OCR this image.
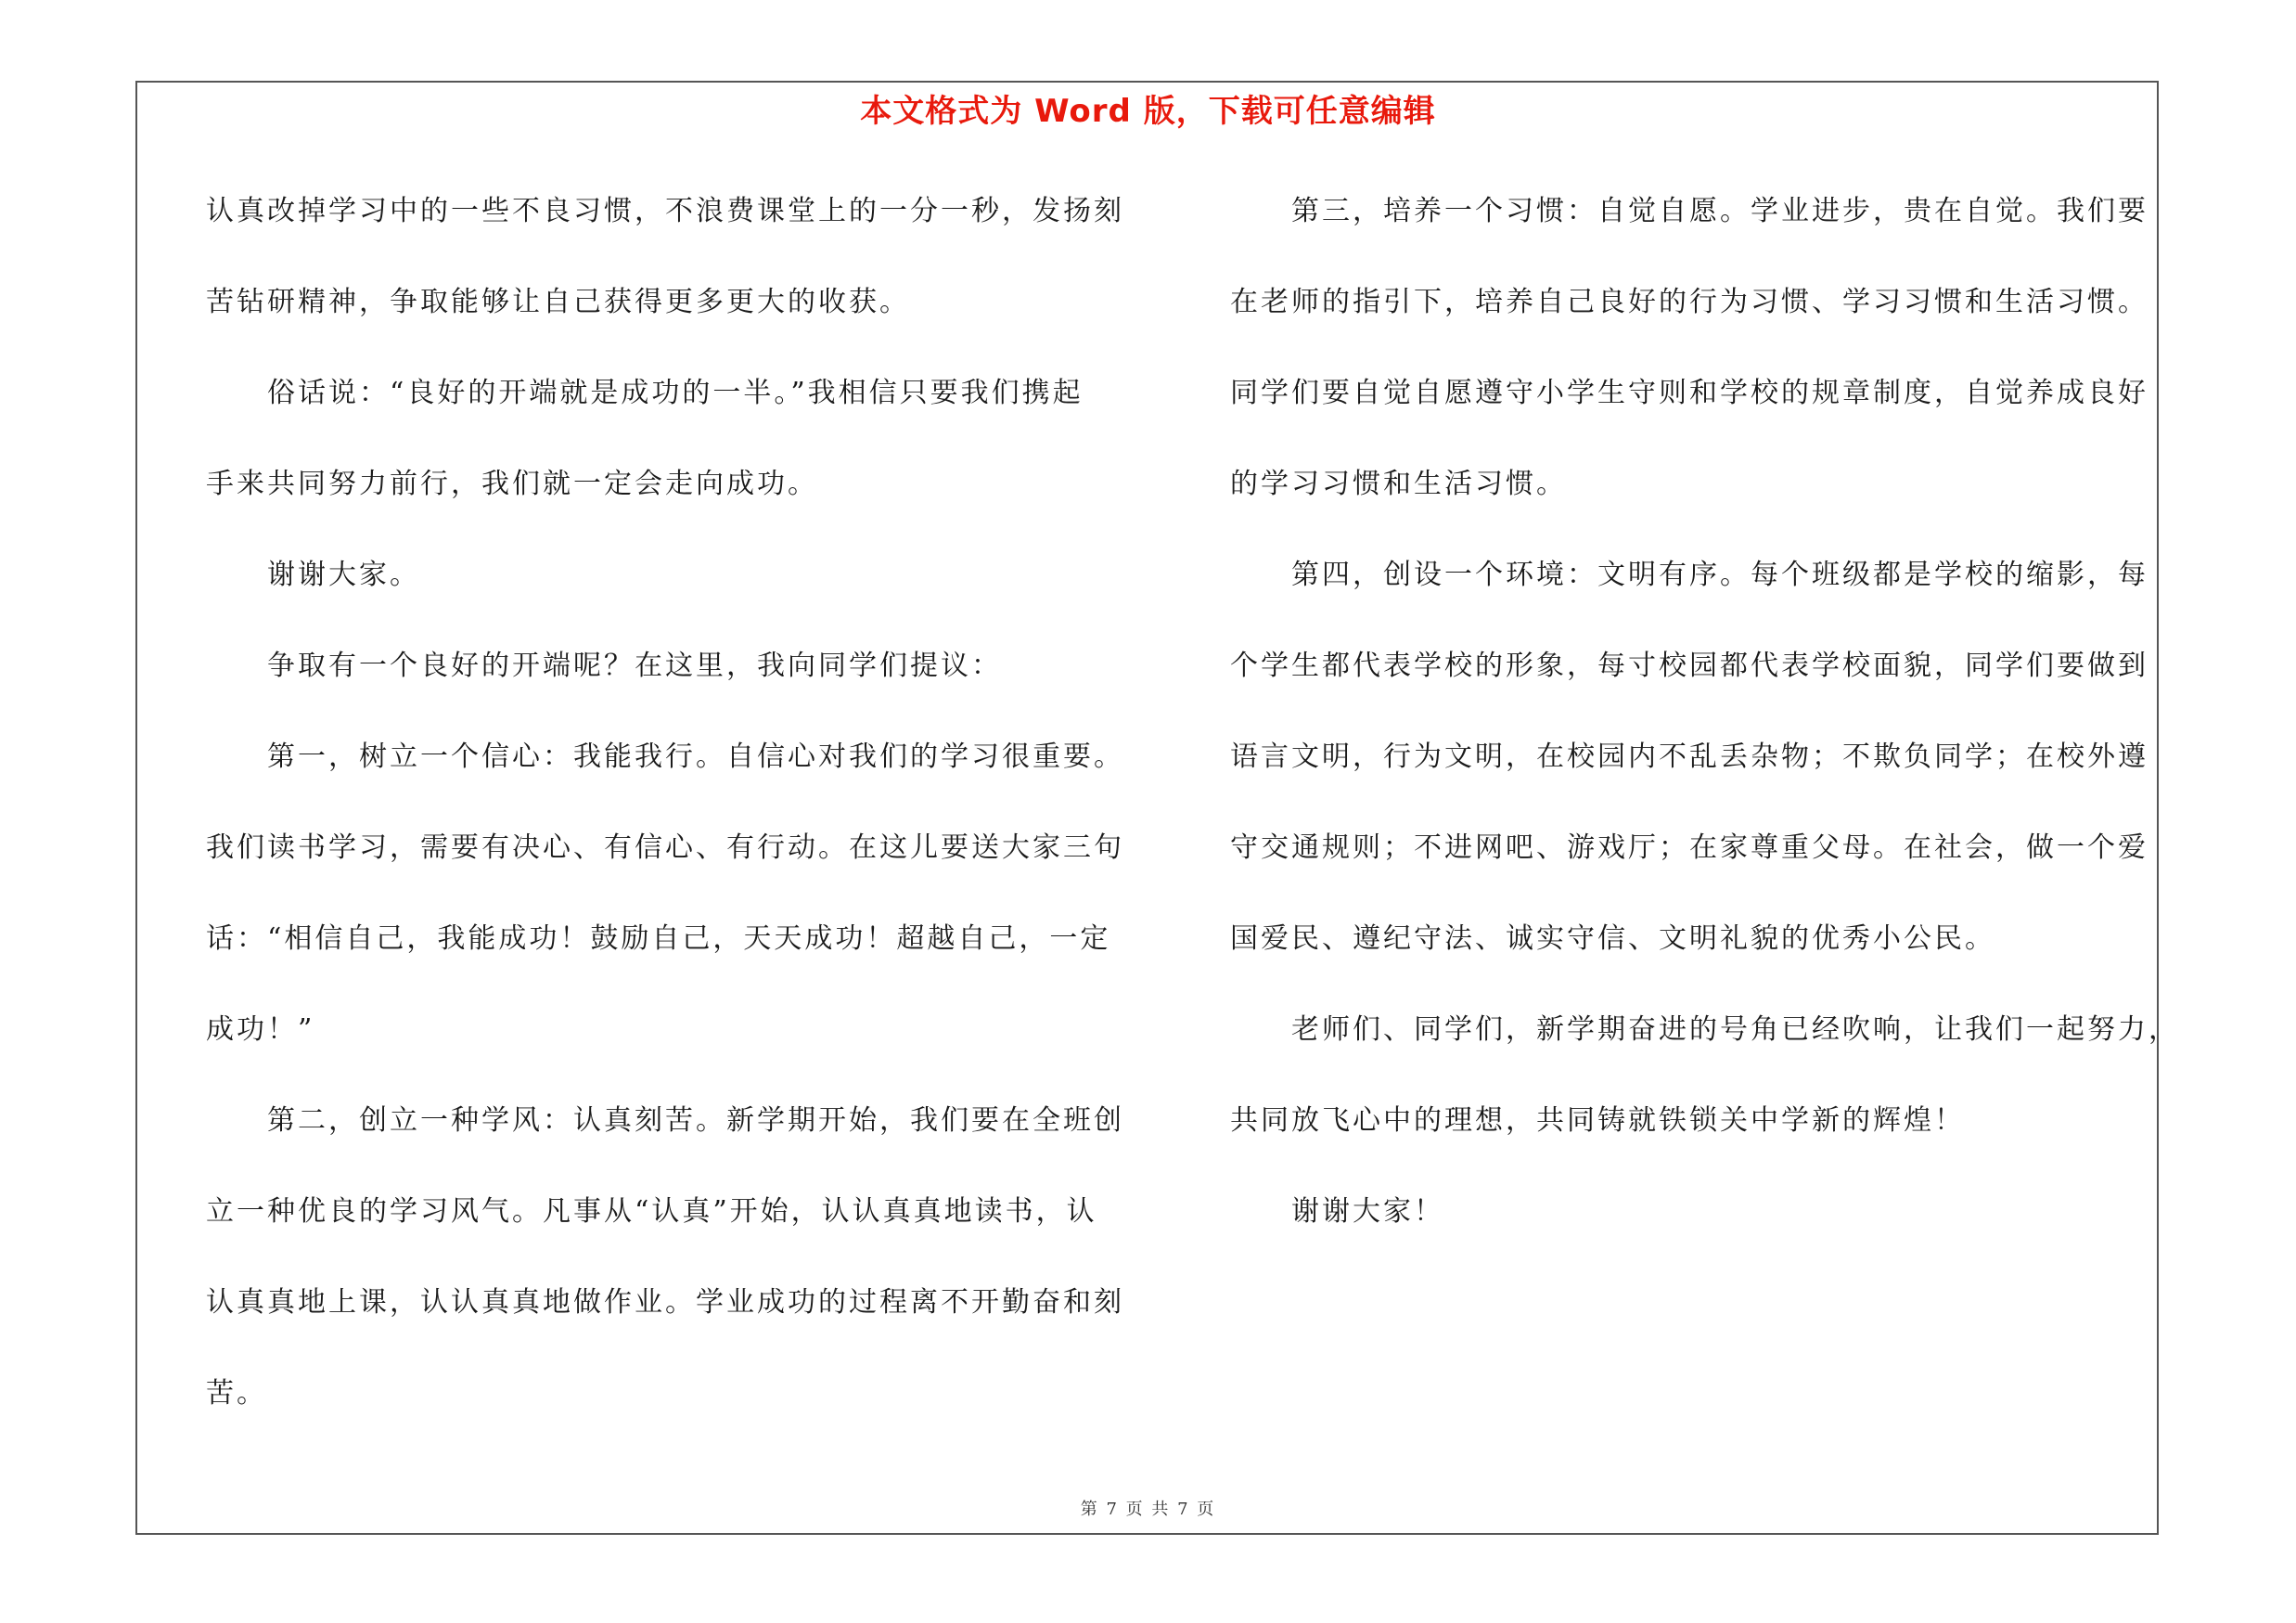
本文格式为 Word 版，下载可任意编辑
认真改掉学习中的一些不良习惯，不浪费课堂上的一分一秒，发扬刻
苦钻研精神，争取能够让自己获得更多更大的收获。
俗话说：“良好的开端就是成功的一半。”我相信只要我们携起
手来共同努力前行，我们就一定会走向成功。
谢谢大家。
争取有一个良好的开端呢？在这里，我向同学们提议：
第一，树立一个信心：我能我行。自信心对我们的学习很重要。
我们读书学习，需要有决心、有信心、有行动。在这儿要送大家三句
话：“相信自己，我能成功！鼓励自己，天天成功！超越自己，一定
成功！”
第二，创立一种学风：认真刻苦。新学期开始，我们要在全班创
立一种优良的学习风气。凡事从“认真”开始，认认真真地读书，认
认真真地上课，认认真真地做作业。学业成功的过程离不开勤奋和刻
苦。
第三，培养一个习惯：自觉自愿。学业进步，贵在自觉。我们要
在老师的指引下，培养自己良好的行为习惯、学习习惯和生活习惯。
同学们要自觉自愿遵守小学生守则和学校的规章制度，自觉养成良好
的学习习惯和生活习惯。
第四，创设一个环境：文明有序。每个班级都是学校的缩影，每
个学生都代表学校的形象，每寸校园都代表学校面貌，同学们要做到
语言文明，行为文明，在校园内不乱丢杂物；不欺负同学；在校外遵
守交通规则；不进网吧、游戏厅；在家尊重父母。在社会，做一个爱
国爱民、遵纪守法、诚实守信、文明礼貌的优秀小公民。
老师们、同学们，新学期奋进的号角已经吹响，让我们一起努力，
共同放飞心中的理想，共同铸就铁锁关中学新的辉煌！
谢谢大家！
第 7 页 共 7 页
